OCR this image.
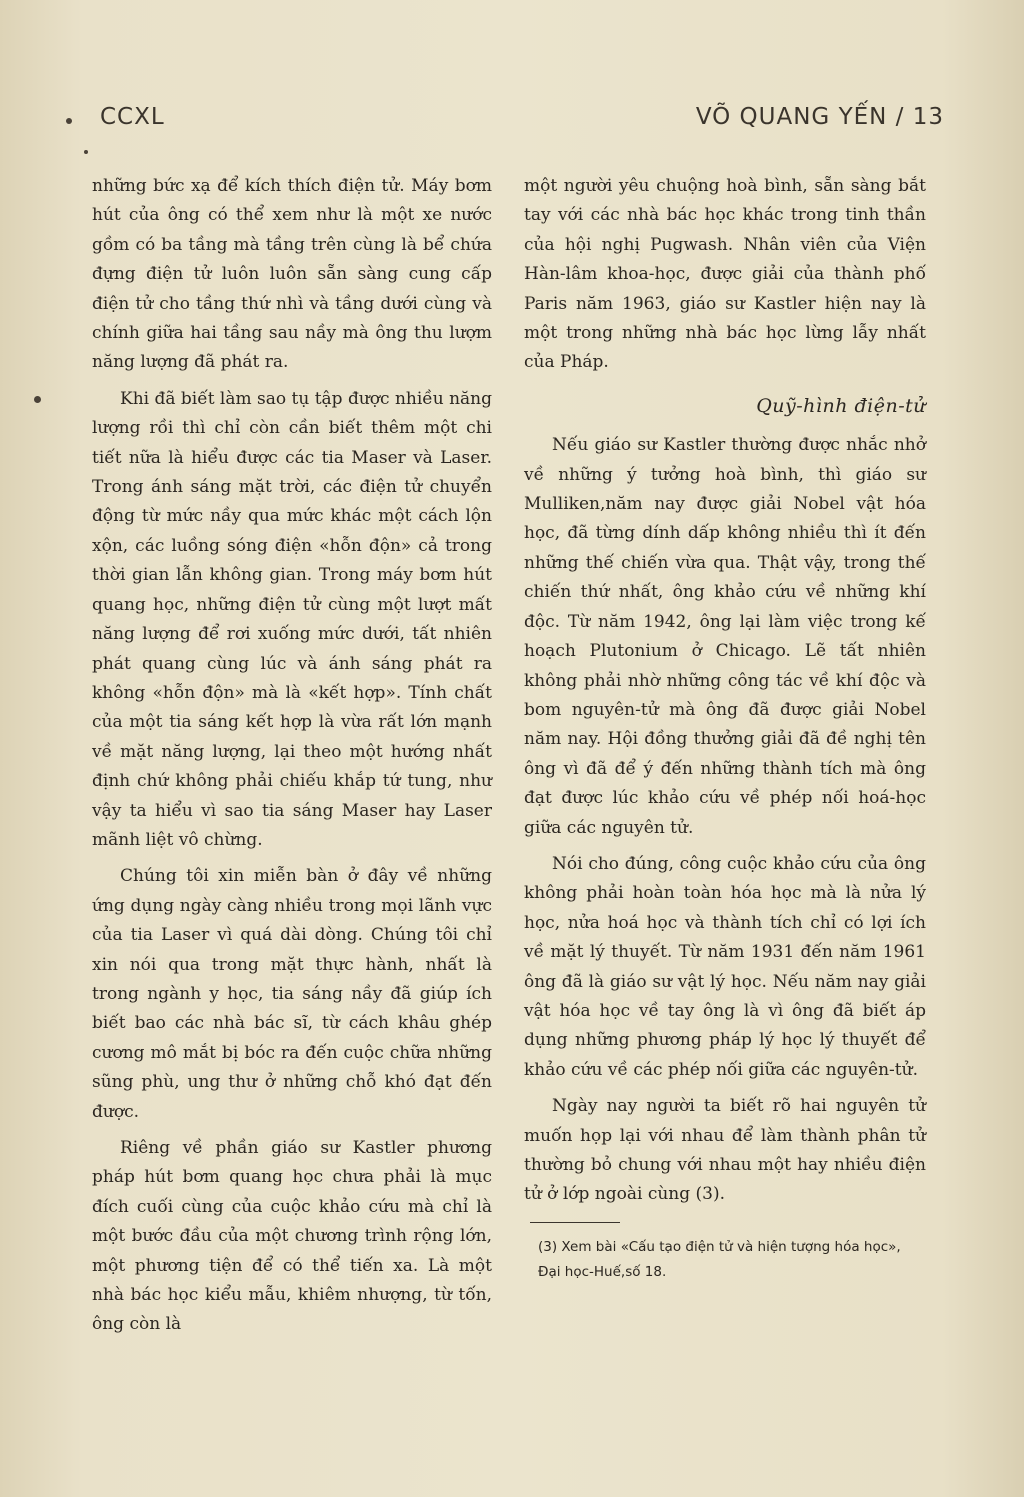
CCXL	VÕ QUANG YẾN / 13

những bức xạ để kích thích điện tử. Máy bơm hút của ông có thể xem như là một xe nước gồm có ba tầng mà tầng trên cùng là bể chứa đựng điện tử luôn luôn sẵn sàng cung cấp điện tử cho tầng thứ nhì và tầng dưới cùng và chính giữa hai tầng sau nầy mà ông thu lượm năng lượng đã phát ra.

Khi đã biết làm sao tụ tập được nhiều năng lượng rồi thì chỉ còn cần biết thêm một chi tiết nữa là hiểu được các tia Maser và Laser. Trong ánh sáng mặt trời, các điện tử chuyển động từ mức nầy qua mức khác một cách lộn xộn, các luồng sóng điện «hỗn độn» cả trong thời gian lẫn không gian. Trong máy bơm hút quang học, những điện tử cùng một lượt mất năng lượng để rơi xuống mức dưới, tất nhiên phát quang cùng lúc và ánh sáng phát ra không «hỗn độn» mà là «kết hợp». Tính chất của một tia sáng kết hợp là vừa rất lớn mạnh về mặt năng lượng, lại theo một hướng nhất định chứ không phải chiếu khắp tứ tung, như vậy ta hiểu vì sao tia sáng Maser hay Laser mãnh liệt vô chừng.

Chúng tôi xin miễn bàn ở đây về những ứng dụng ngày càng nhiều trong mọi lãnh vực của tia Laser vì quá dài dòng. Chúng tôi chỉ xin nói qua trong mặt thực hành, nhất là trong ngành y học, tia sáng nầy đã giúp ích biết bao các nhà bác sĩ, từ cách khâu ghép cương mô mắt bị bóc ra đến cuộc chữa những sũng phù, ung thư ở những chỗ khó đạt đến được.

Riêng về phần giáo sư Kastler phương pháp hút bơm quang học chưa phải là mục đích cuối cùng của cuộc khảo cứu mà chỉ là một bước đầu của một chương trình rộng lớn, một phương tiện để có thể tiến xa. Là một nhà bác học kiểu mẫu, khiêm nhượng, từ tốn, ông còn là

một người yêu chuộng hoà bình, sẵn sàng bắt tay với các nhà bác học khác trong tinh thần của hội nghị Pugwash. Nhân viên của Viện Hàn-lâm khoa-học, được giải của thành phố Paris năm 1963, giáo sư Kastler hiện nay là một trong những nhà bác học lừng lẫy nhất của Pháp.

Quỹ-hình điện-tử

Nếu giáo sư Kastler thường được nhắc nhở về những ý tưởng hoà bình, thì giáo sư Mulliken,năm nay được giải Nobel vật hóa học, đã từng dính dấp không nhiều thì ít đến những thế chiến vừa qua. Thật vậy, trong thế chiến thứ nhất, ông khảo cứu về những khí độc. Từ năm 1942, ông lại làm việc trong kế hoạch Plutonium ở Chicago. Lẽ tất nhiên không phải nhờ những công tác về khí độc và bom nguyên-tử mà ông đã được giải Nobel năm nay. Hội đồng thưởng giải đã đề nghị tên ông vì đã để ý đến những thành tích mà ông đạt được lúc khảo cứu về phép nối hoá-học giữa các nguyên tử.

Nói cho đúng, công cuộc khảo cứu của ông không phải hoàn toàn hóa học mà là nửa lý học, nửa hoá học và thành tích chỉ có lợi ích về mặt lý thuyết. Từ năm 1931 đến năm 1961 ông đã là giáo sư vật lý học. Nếu năm nay giải vật hóa học về tay ông là vì ông đã biết áp dụng những phương pháp lý học lý thuyết để khảo cứu về các phép nối giữa các nguyên-tử.

Ngày nay người ta biết rõ hai nguyên tử muốn họp lại với nhau để làm thành phân tử thường bỏ chung với nhau một hay nhiều điện tử ở lớp ngoài cùng (3).

(3) Xem bài «Cấu tạo điện tử và hiện tượng hóa học», Đại học-Huế,số 18.
